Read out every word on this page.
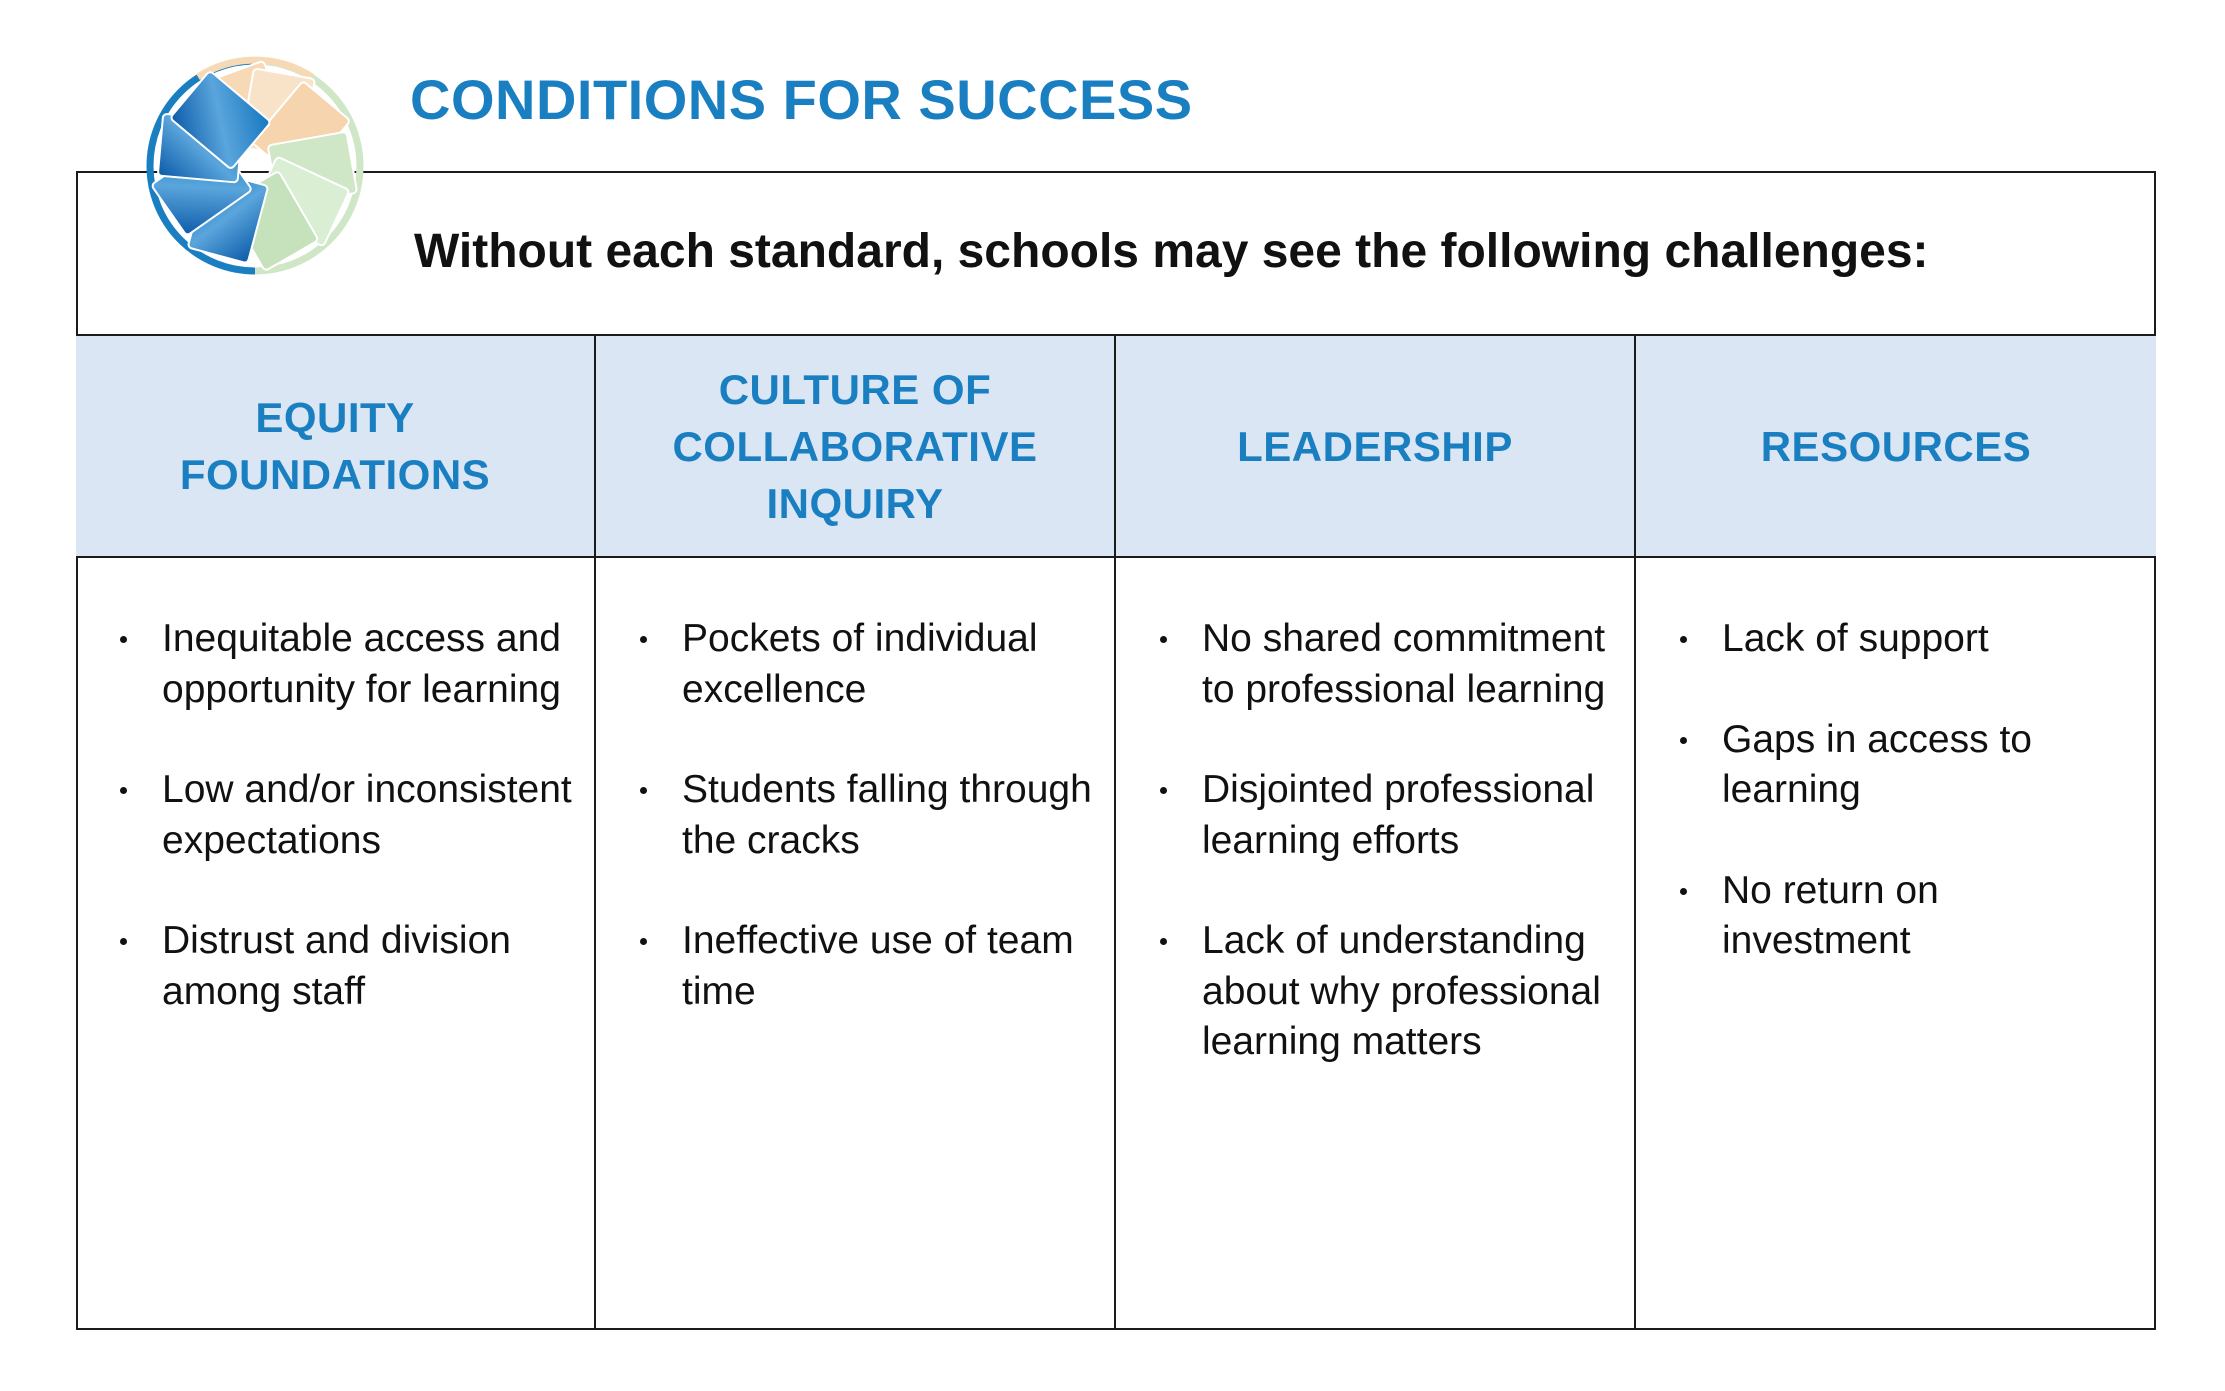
CONDITIONS FOR SUCCESS

Without each standard, schools may see the following challenges:

EQUITY
FOUNDATIONS
CULTURE OF
COLLABORATIVE
INQUIRY
LEADERSHIP	RESOURCES
Inequitable access and opportunity for learning
Low and/or inconsistent expectations
Distrust and division among staff
Pockets of individual excellence
Students falling through the cracks
Ineffective use of team time
No shared commitment to professional learning
Disjointed professional learning efforts
Lack of understanding about why professional learning matters
Lack of support
Gaps in access to learning
No return on investment
